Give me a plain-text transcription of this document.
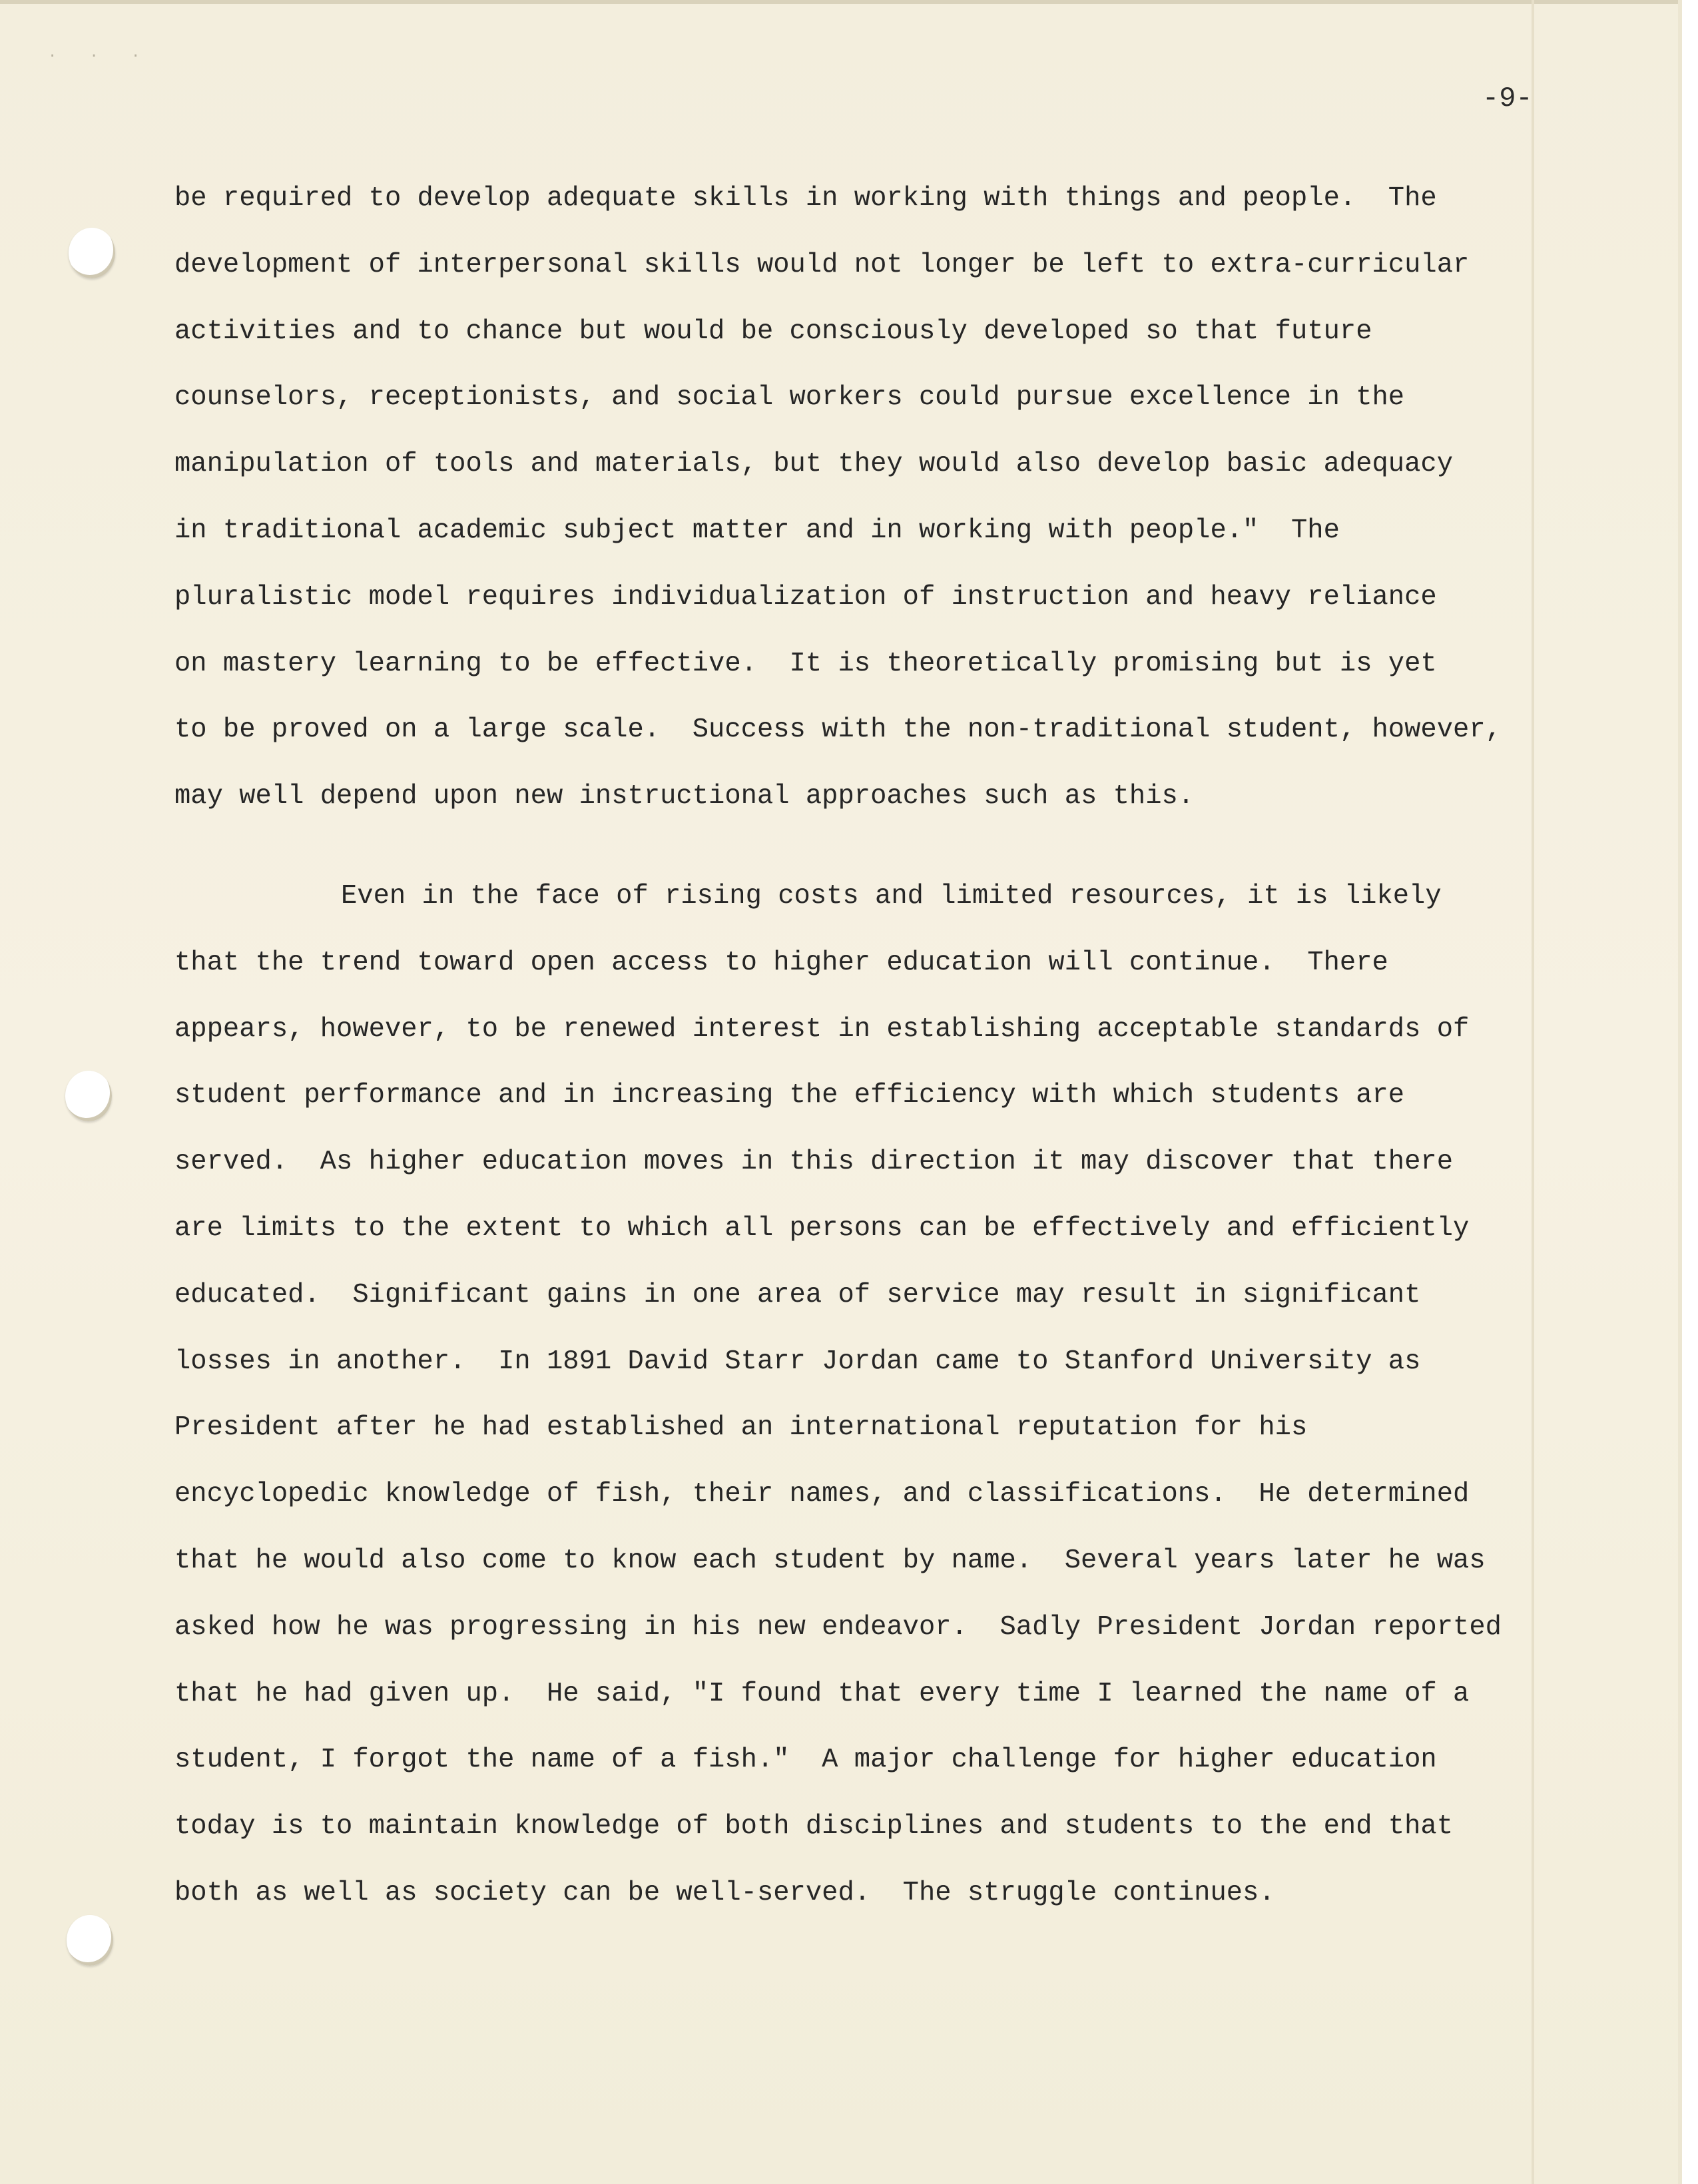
· · ·
-9-
be required to develop adequate skills in working with things and people.  The
development of interpersonal skills would not longer be left to extra-curricular
activities and to chance but would be consciously developed so that future
counselors, receptionists, and social workers could pursue excellence in the
manipulation of tools and materials, but they would also develop basic adequacy
in traditional academic subject matter and in working with people."  The
pluralistic model requires individualization of instruction and heavy reliance
on mastery learning to be effective.  It is theoretically promising but is yet
to be proved on a large scale.  Success with the non-traditional student, however,
may well depend upon new instructional approaches such as this.
Even in the face of rising costs and limited resources, it is likely
that the trend toward open access to higher education will continue.  There
appears, however, to be renewed interest in establishing acceptable standards of
student performance and in increasing the efficiency with which students are
served.  As higher education moves in this direction it may discover that there
are limits to the extent to which all persons can be effectively and efficiently
educated.  Significant gains in one area of service may result in significant
losses in another.  In 1891 David Starr Jordan came to Stanford University as
President after he had established an international reputation for his
encyclopedic knowledge of fish, their names, and classifications.  He determined
that he would also come to know each student by name.  Several years later he was
asked how he was progressing in his new endeavor.  Sadly President Jordan reported
that he had given up.  He said, "I found that every time I learned the name of a
student, I forgot the name of a fish."  A major challenge for higher education
today is to maintain knowledge of both disciplines and students to the end that
both as well as society can be well-served.  The struggle continues.
